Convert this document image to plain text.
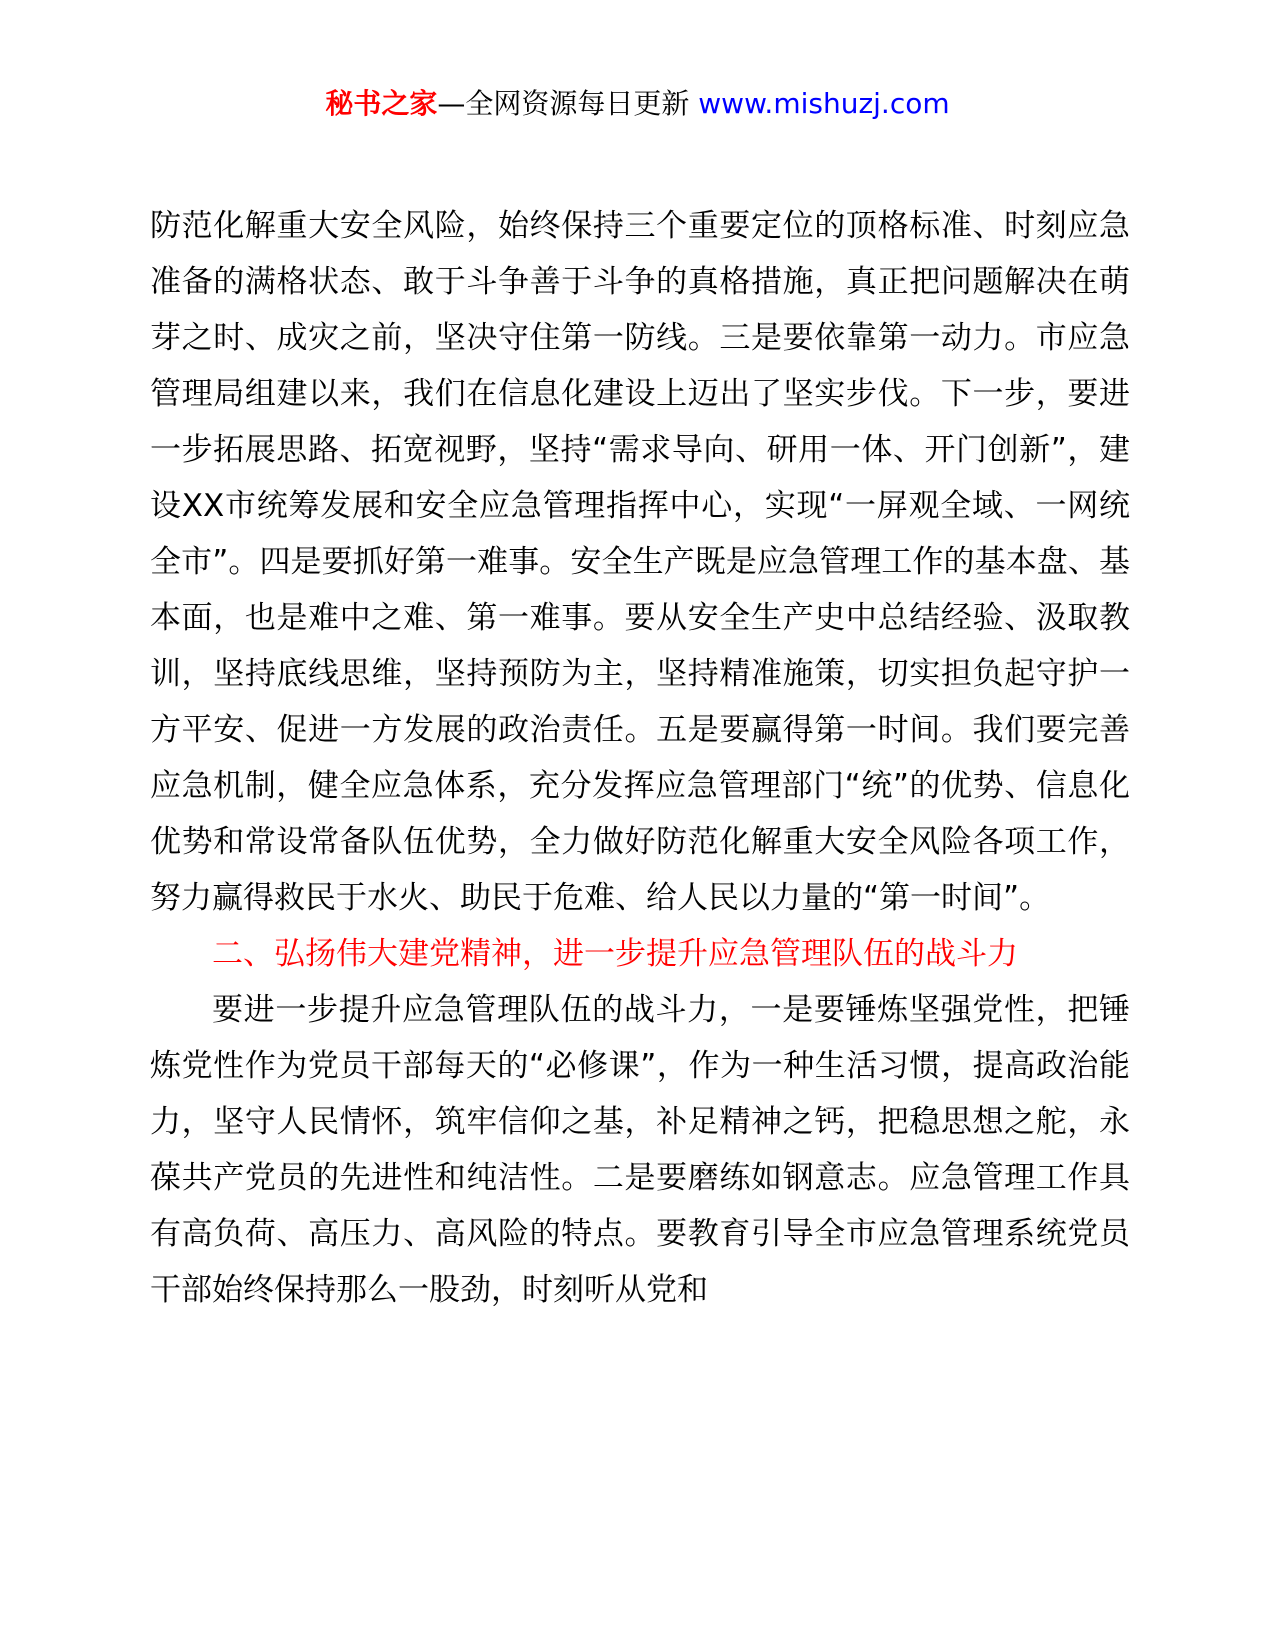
秘书之家—全网资源每日更新 www.mishuzj.com

防范化解重大安全风险，始终保持三个重要定位的顶格标准、时刻应急准备的满格状态、敢于斗争善于斗争的真格措施，真正把问题解决在萌芽之时、成灾之前，坚决守住第一防线。三是要依靠第一动力。市应急管理局组建以来，我们在信息化建设上迈出了坚实步伐。下一步，要进一步拓展思路、拓宽视野，坚持“需求导向、研用一体、开门创新”，建设XX市统筹发展和安全应急管理指挥中心，实现“一屏观全域、一网统全市”。四是要抓好第一难事。安全生产既是应急管理工作的基本盘、基本面，也是难中之难、第一难事。要从安全生产史中总结经验、汲取教训，坚持底线思维，坚持预防为主，坚持精准施策，切实担负起守护一方平安、促进一方发展的政治责任。五是要赢得第一时间。我们要完善应急机制，健全应急体系，充分发挥应急管理部门“统”的优势、信息化优势和常设常备队伍优势，全力做好防范化解重大安全风险各项工作，努力赢得救民于水火、助民于危难、给人民以力量的“第一时间”。

二、弘扬伟大建党精神，进一步提升应急管理队伍的战斗力

要进一步提升应急管理队伍的战斗力，一是要锤炼坚强党性，把锤炼党性作为党员干部每天的“必修课”，作为一种生活习惯，提高政治能力，坚守人民情怀，筑牢信仰之基，补足精神之钙，把稳思想之舵，永葆共产党员的先进性和纯洁性。二是要磨练如钢意志。应急管理工作具有高负荷、高压力、高风险的特点。要教育引导全市应急管理系统党员干部始终保持那么一股劲，时刻听从党和
